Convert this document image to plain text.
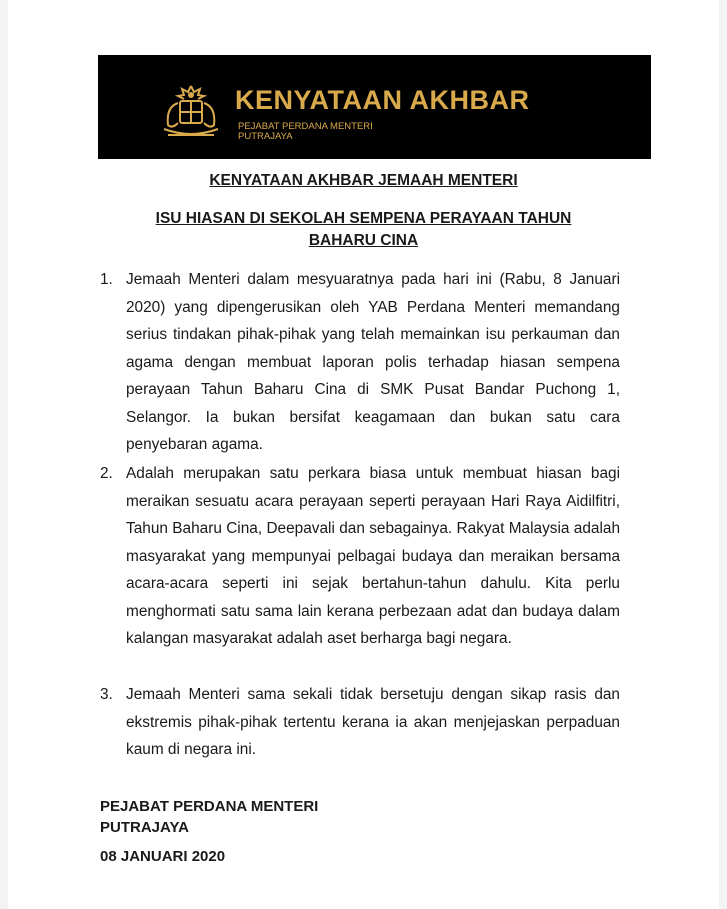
KENYATAAN AKHBAR
PEJABAT PERDANA MENTERI
PUTRAJAYA
KENYATAAN AKHBAR JEMAAH MENTERI
ISU HIASAN DI SEKOLAH SEMPENA PERAYAAN TAHUN
BAHARU CINA
1. Jemaah Menteri dalam mesyuaratnya pada hari ini (Rabu, 8 Januari 2020) yang dipengerusikan oleh YAB Perdana Menteri memandang serius tindakan pihak-pihak yang telah memainkan isu perkauman dan agama dengan membuat laporan polis terhadap hiasan sempena perayaan Tahun Baharu Cina di SMK Pusat Bandar Puchong 1, Selangor. Ia bukan bersifat keagamaan dan bukan satu cara penyebaran agama.
2. Adalah merupakan satu perkara biasa untuk membuat hiasan bagi meraikan sesuatu acara perayaan seperti perayaan Hari Raya Aidilfitri, Tahun Baharu Cina, Deepavali dan sebagainya. Rakyat Malaysia adalah masyarakat yang mempunyai pelbagai budaya dan meraikan bersama acara-acara seperti ini sejak bertahun-tahun dahulu. Kita perlu menghormati satu sama lain kerana perbezaan adat dan budaya dalam kalangan masyarakat adalah aset berharga bagi negara.
3. Jemaah Menteri sama sekali tidak bersetuju dengan sikap rasis dan ekstremis pihak-pihak tertentu kerana ia akan menjejaskan perpaduan kaum di negara ini.
PEJABAT PERDANA MENTERI
PUTRAJAYA
08 JANUARI 2020
